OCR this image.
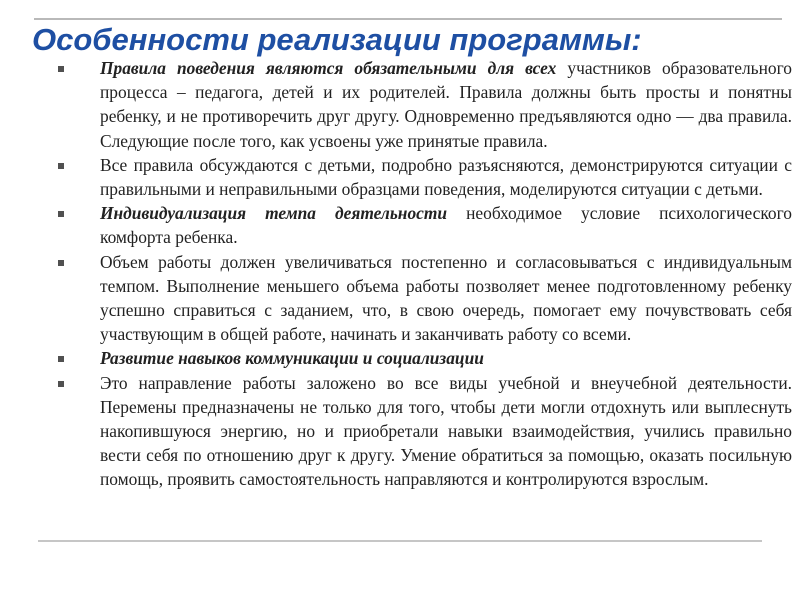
Особенности реализации программы:
Правила поведения являются обязательными для всех участников образовательного процесса – педагога, детей и их родителей. Правила должны быть просты и понятны ребенку, и не противоречить друг другу. Одновременно предъявляются одно — два правила. Следующие после того, как усвоены уже принятые правила.
Все правила обсуждаются с детьми, подробно разъясняются, демонстрируются ситуации с правильными и неправильными образцами поведения, моделируются ситуации с детьми.
Индивидуализация темпа деятельности необходимое условие психологического комфорта ребенка.
Объем работы должен увеличиваться постепенно и согласовываться с индивидуальным темпом. Выполнение меньшего объема работы позволяет менее подготовленному ребенку успешно справиться с заданием, что, в свою очередь, помогает ему почувствовать себя участвующим в общей работе, начинать и заканчивать работу со всеми.
Развитие навыков коммуникации и социализации
Это направление работы заложено во все виды учебной и внеучебной деятельности. Перемены предназначены не только для того, чтобы дети могли отдохнуть или выплеснуть накопившуюся энергию, но и приобретали навыки взаимодействия, учились правильно вести себя по отношению друг к другу. Умение обратиться за помощью, оказать посильную помощь, проявить самостоятельность направляются и контролируются взрослым.
